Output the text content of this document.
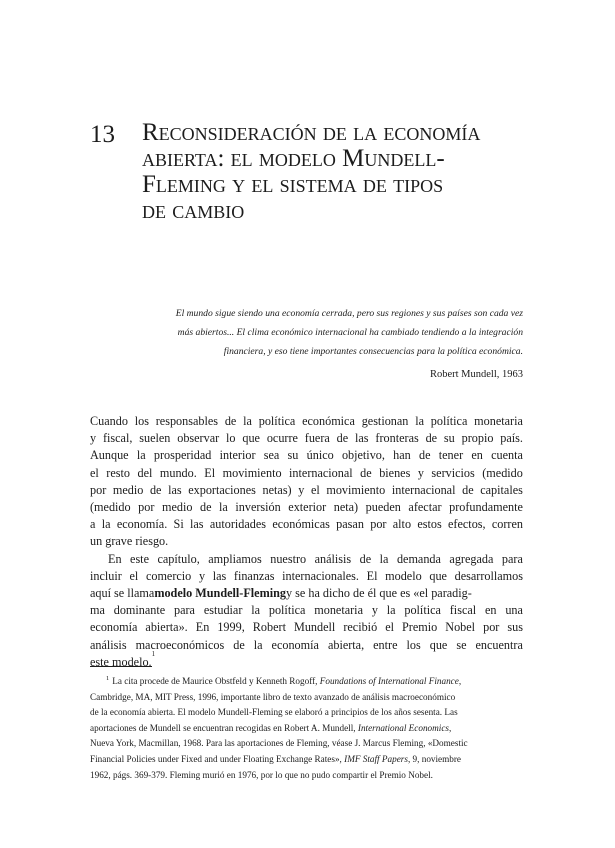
13 Reconsideración de la economía
abierta: el modelo Mundell-
Fleming y el sistema de tipos
de cambio
El mundo sigue siendo una economía cerrada, pero sus regiones y sus países son cada vez
más abiertos... El clima económico internacional ha cambiado tendiendo a la integración
financiera, y eso tiene importantes consecuencias para la política económica.
Robert Mundell, 1963
Cuando los responsables de la política económica gestionan la política monetaria
y fiscal, suelen observar lo que ocurre fuera de las fronteras de su propio país.
Aunque la prosperidad interior sea su único objetivo, han de tener en cuenta
el resto del mundo. El movimiento internacional de bienes y servicios (medido
por medio de las exportaciones netas) y el movimiento internacional de capitales
(medido por medio de la inversión exterior neta) pueden afectar profundamente
a la economía. Si las autoridades económicas pasan por alto estos efectos, corren
un grave riesgo.
En este capítulo, ampliamos nuestro análisis de la demanda agregada para
incluir el comercio y las finanzas internacionales. El modelo que desarrollamos
aquí se llama modelo Mundell-Fleming y se ha dicho de él que es «el paradig-
ma dominante para estudiar la política monetaria y la política fiscal en una
economía abierta». En 1999, Robert Mundell recibió el Premio Nobel por sus
análisis macroeconómicos de la economía abierta, entre los que se encuentra
este modelo.
1
$^1$ La cita procede de Maurice Obstfeld y Kenneth Rogoff, Foundations of International Finance,
Cambridge, MA, MIT Press, 1996, importante libro de texto avanzado de análisis macroeconómico
de la economía abierta. El modelo Mundell-Fleming se elaboró a principios de los años sesenta. Las
aportaciones de Mundell se encuentran recogidas en Robert A. Mundell, International Economics,
Nueva York, Macmillan, 1968. Para las aportaciones de Fleming, véase J. Marcus Fleming, «Domestic
Financial Policies under Fixed and under Floating Exchange Rates», IMF Staff Papers, 9, noviembre
1962, págs. 369-379. Fleming murió en 1976, por lo que no pudo compartir el Premio Nobel.
